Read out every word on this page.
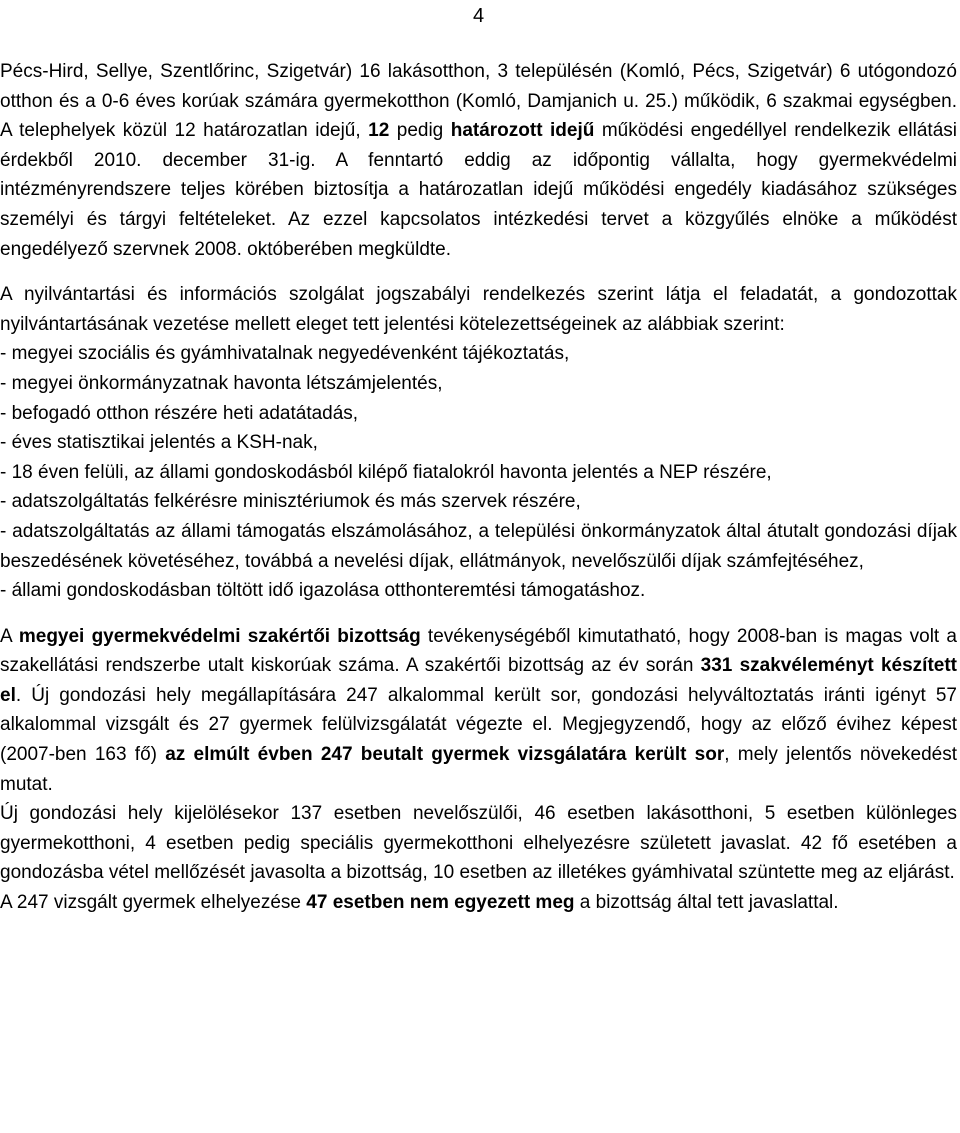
4

Pécs-Hird, Sellye, Szentlőrinc, Szigetvár) 16 lakásotthon, 3 településén (Komló, Pécs, Szigetvár) 6 utógondozó otthon és a 0-6 éves korúak számára gyermekotthon (Komló, Damjanich u. 25.) működik, 6 szakmai egységben. A telephelyek közül 12 határozatlan idejű, 12 pedig határozott idejű működési engedéllyel rendelkezik ellátási érdekből 2010. december 31-ig. A fenntartó eddig az időpontig vállalta, hogy gyermekvédelmi intézményrendszere teljes körében biztosítja a határozatlan idejű működési engedély kiadásához szükséges személyi és tárgyi feltételeket. Az ezzel kapcsolatos intézkedési tervet a közgyűlés elnöke a működést engedélyező szervnek 2008. októberében megküldte.

A nyilvántartási és információs szolgálat jogszabályi rendelkezés szerint látja el feladatát, a gondozottak nyilvántartásának vezetése mellett eleget tett jelentési kötelezettségeinek az alábbiak szerint:

- megyei szociális és gyámhivatalnak negyedévenként tájékoztatás,

- megyei önkormányzatnak havonta létszámjelentés,

- befogadó otthon részére heti adatátadás,

- éves statisztikai jelentés a KSH-nak,

- 18 éven felüli, az állami gondoskodásból kilépő fiatalokról havonta jelentés a NEP részére,

- adatszolgáltatás felkérésre minisztériumok és más szervek részére,

- adatszolgáltatás az állami támogatás elszámolásához, a települési önkormányzatok által átutalt gondozási díjak beszedésének követéséhez, továbbá a nevelési díjak, ellátmányok, nevelőszülői díjak számfejtéséhez,

- állami gondoskodásban töltött idő igazolása otthonteremtési támogatáshoz.

A megyei gyermekvédelmi szakértői bizottság tevékenységéből kimutatható, hogy 2008-ban is magas volt a szakellátási rendszerbe utalt kiskorúak száma. A szakértői bizottság az év során 331 szakvéleményt készített el. Új gondozási hely megállapítására 247 alkalommal került sor, gondozási helyváltoztatás iránti igényt 57 alkalommal vizsgált és 27 gyermek felülvizsgálatát végezte el. Megjegyzendő, hogy az előző évihez képest (2007-ben 163 fő) az elmúlt évben 247 beutalt gyermek vizsgálatára került sor, mely jelentős növekedést mutat.

Új gondozási hely kijelölésekor 137 esetben nevelőszülői, 46 esetben lakásotthoni, 5 esetben különleges gyermekotthoni, 4 esetben pedig speciális gyermekotthoni elhelyezésre született javaslat. 42 fő esetében a gondozásba vétel mellőzését javasolta a bizottság, 10 esetben az illetékes gyámhivatal szüntette meg az eljárást.

A 247 vizsgált gyermek elhelyezése 47 esetben nem egyezett meg a bizottság által tett javaslattal.
